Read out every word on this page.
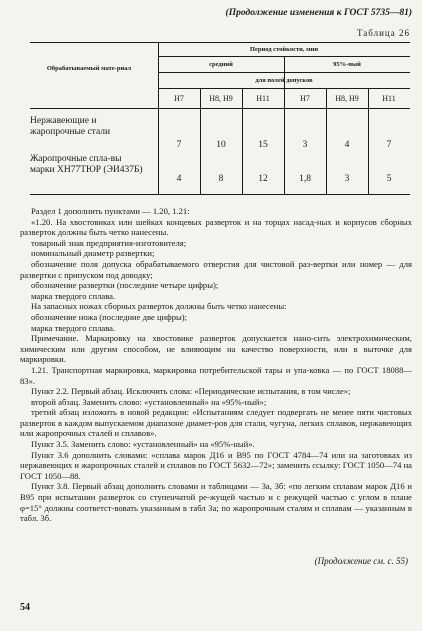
(Продолжение изменения к ГОСТ 5735—81)
Таблица 26
Обрабатываемый мате-риал
Период стойкости, мин
средний	95%-ный
для полей допусков
H7	H8, H9	H11	H7	H8, H9	H11
Нержавеющие и жаропрочные стали
7	10	15	3	4	7
Жаропрочные спла-вы марки ХН77ТЮР (ЭИ437Б)
4	8	12	1,8	3	5

Раздел 1 дополнить пунктами — 1.20, 1.21:

«1.20. На хвостовиках или шейках концевых разверток и на торцах насад-ных и корпусов сборных разверток должны быть четко нанесены.

товарный знак предприятия-изготовителя;

номинальный диаметр развертки;

обозначение поля допуска обрабатываемого отверстия для чистовой раз-вертки или номер — для развертки с припуском под доводку;

обозначение развертки (последние четыре цифры);

марка твердого сплава.

На запасных ножах сборных разверток должны быть четко нанесены:

обозначение ножа (последние две цифры);

марка твердого сплава.

Примечание. Маркировку на хвостовике разверток допускается нано-сить электрохимическим, химическим или другим способом, не влияющим на качество поверхности, или в выточке для маркировки.

1.21. Транспортная маркировка, маркировка потребительской тары и упа-ковка — по ГОСТ 18088—83».

Пункт 2.2. Первый абзац. Исключить слова: «Периодические испытания, в том числе»;

второй абзац. Заменить слово: «установленный» на «95%-ный»;

третий абзац изложить в новой редакции: «Испытаниям следует подвергать не менее пяти чистовых разверток в каждом выпускаемом диапазоне диамет-ров для стали, чугуна, легких сплавов, нержавеющих или жаропрочных сталей и сплавов».

Пункт 3.5. Заменить слово: «установленный» на «95%-ный».

Пункт 3.6 дополнить словами: «сплава марок Д16 и В95 по ГОСТ 4784—74 или на заготовках из нержавеющих и жаропрочных сталей и сплавов по ГОСТ 5632—72»; заменить ссылку: ГОСТ 1050—74 на ГОСТ 1050—88.

Пункт 3.8. Первый абзац дополнить словами и таблицами — 3а, 3б: «по легким сплавам марок Д16 и В95 при испытании разверток со ступенчатой ре-жущей частью и с режущей частью с углом в плане φ=15° должны соответст-вовать указанным в табл 3а; по жаропрочным сталям и сплавам — указанным в табл. 3б.

(Продолжение см. с. 55)
54
